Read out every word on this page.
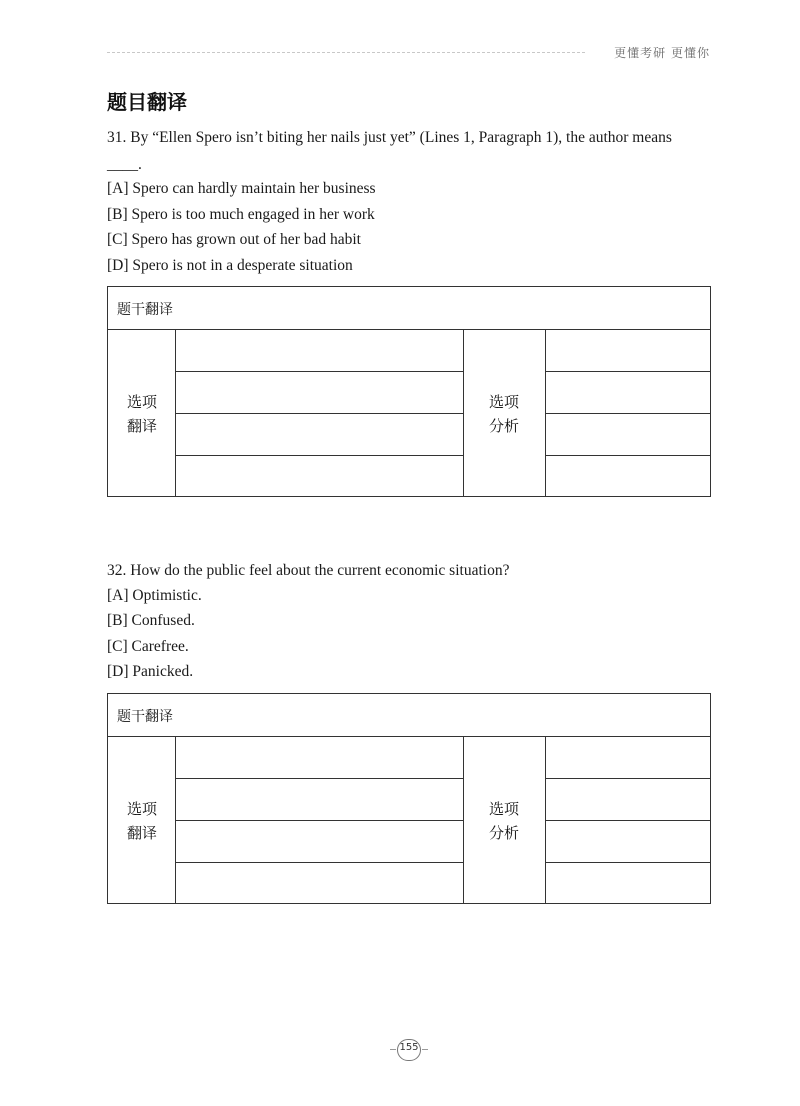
更懂考研 更懂你
题目翻译
31. By “Ellen Spero isn’t biting her nails just yet” (Lines 1, Paragraph 1), the author means
____.
[A] Spero can hardly maintain her business
[B] Spero is too much engaged in her work
[C] Spero has grown out of her bad habit
[D] Spero is not in a desperate situation
题干翻译
选项
翻译
选项
分析
32. How do the public feel about the current economic situation?
[A] Optimistic.
[B] Confused.
[C] Carefree.
[D] Panicked.
题干翻译
选项
翻译
选项
分析
155
